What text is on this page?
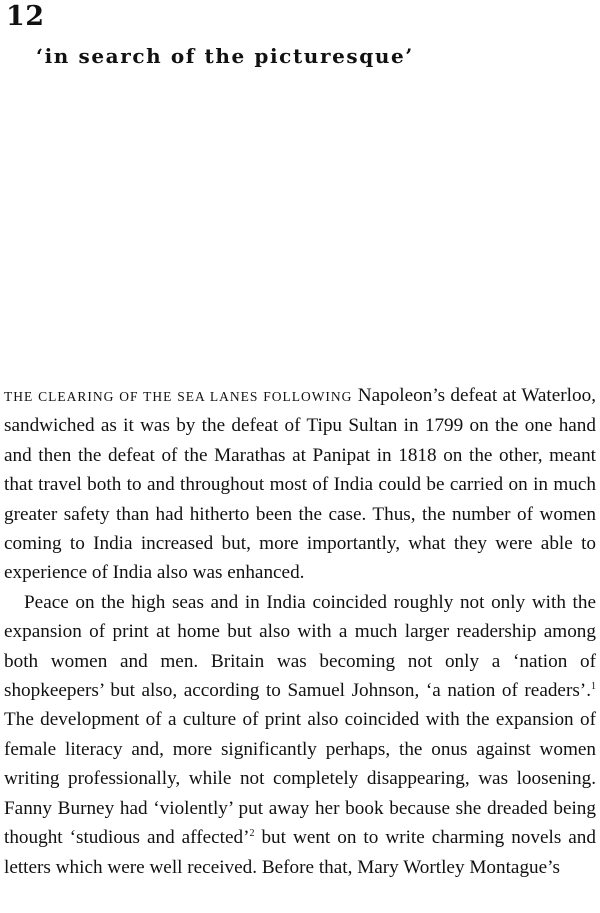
12
‘in search of the picturesque’

THE CLEARING OF THE SEA LANES FOLLOWING Napoleon’s defeat at Waterloo, sandwiched as it was by the defeat of Tipu Sultan in 1799 on the one hand and then the defeat of the Marathas at Panipat in 1818 on the other, meant that travel both to and throughout most of India could be carried on in much greater safety than had hitherto been the case. Thus, the number of women coming to India increased but, more importantly, what they were able to experience of India also was enhanced.

Peace on the high seas and in India coincided roughly not only with the expansion of print at home but also with a much larger readership among both women and men. Britain was becoming not only a ‘nation of shopkeepers’ but also, according to Samuel Johnson, ‘a nation of readers’.$^1$ The development of a culture of print also coincided with the expansion of female literacy and, more significantly perhaps, the onus against women writing professionally, while not completely disappearing, was loosening. Fanny Burney had ‘violently’ put away her book because she dreaded being thought ‘studious and affected’$^2$ but went on to write charming novels and letters which were well received. Before that, Mary Wortley Montague’s
